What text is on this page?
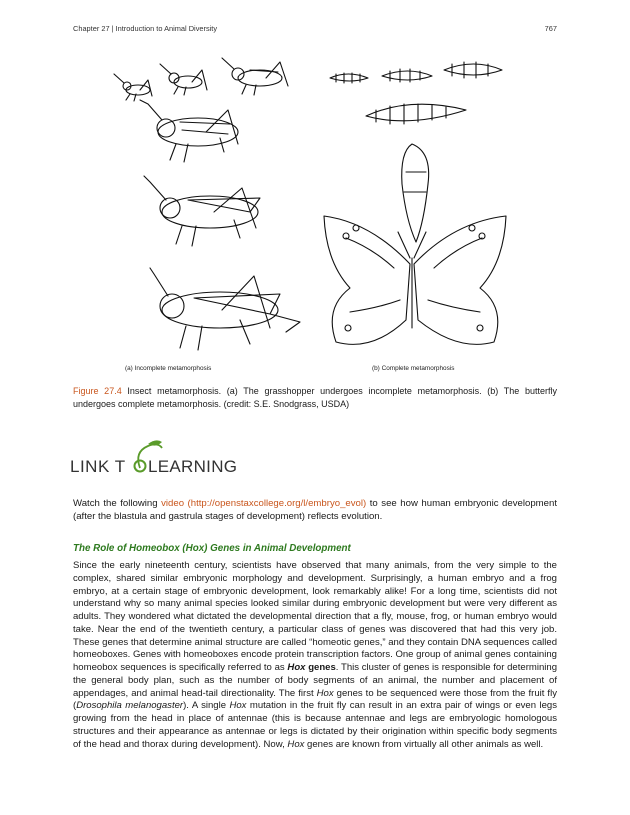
Chapter 27 | Introduction to Animal Diversity	767
(a) Incomplete metamorphosis	(b) Complete metamorphosis
Figure 27.4 Insect metamorphosis. (a) The grasshopper undergoes incomplete metamorphosis. (b) The butterfly undergoes complete metamorphosis. (credit: S.E. Snodgrass, USDA)
LINK T LEARNING
Watch the following video (http://openstaxcollege.org/l/embryo_evol) to see how human embryonic development (after the blastula and gastrula stages of development) reflects evolution.
The Role of Homeobox (Hox) Genes in Animal Development
Since the early nineteenth century, scientists have observed that many animals, from the very simple to the complex, shared similar embryonic morphology and development. Surprisingly, a human embryo and a frog embryo, at a certain stage of embryonic development, look remarkably alike! For a long time, scientists did not understand why so many animal species looked similar during embryonic development but were very different as adults. They wondered what dictated the developmental direction that a fly, mouse, frog, or human embryo would take. Near the end of the twentieth century, a particular class of genes was discovered that had this very job. These genes that determine animal structure are called “homeotic genes,” and they contain DNA sequences called homeoboxes. Genes with homeoboxes encode protein transcription factors. One group of animal genes containing homeobox sequences is specifically referred to as Hox genes. This cluster of genes is responsible for determining the general body plan, such as the number of body segments of an animal, the number and placement of appendages, and animal head-tail directionality. The first Hox genes to be sequenced were those from the fruit fly (Drosophila melanogaster). A single Hox mutation in the fruit fly can result in an extra pair of wings or even legs growing from the head in place of antennae (this is because antennae and legs are embryologic homologous structures and their appearance as antennae or legs is dictated by their origination within specific body segments of the head and thorax during development). Now, Hox genes are known from virtually all other animals as well.
